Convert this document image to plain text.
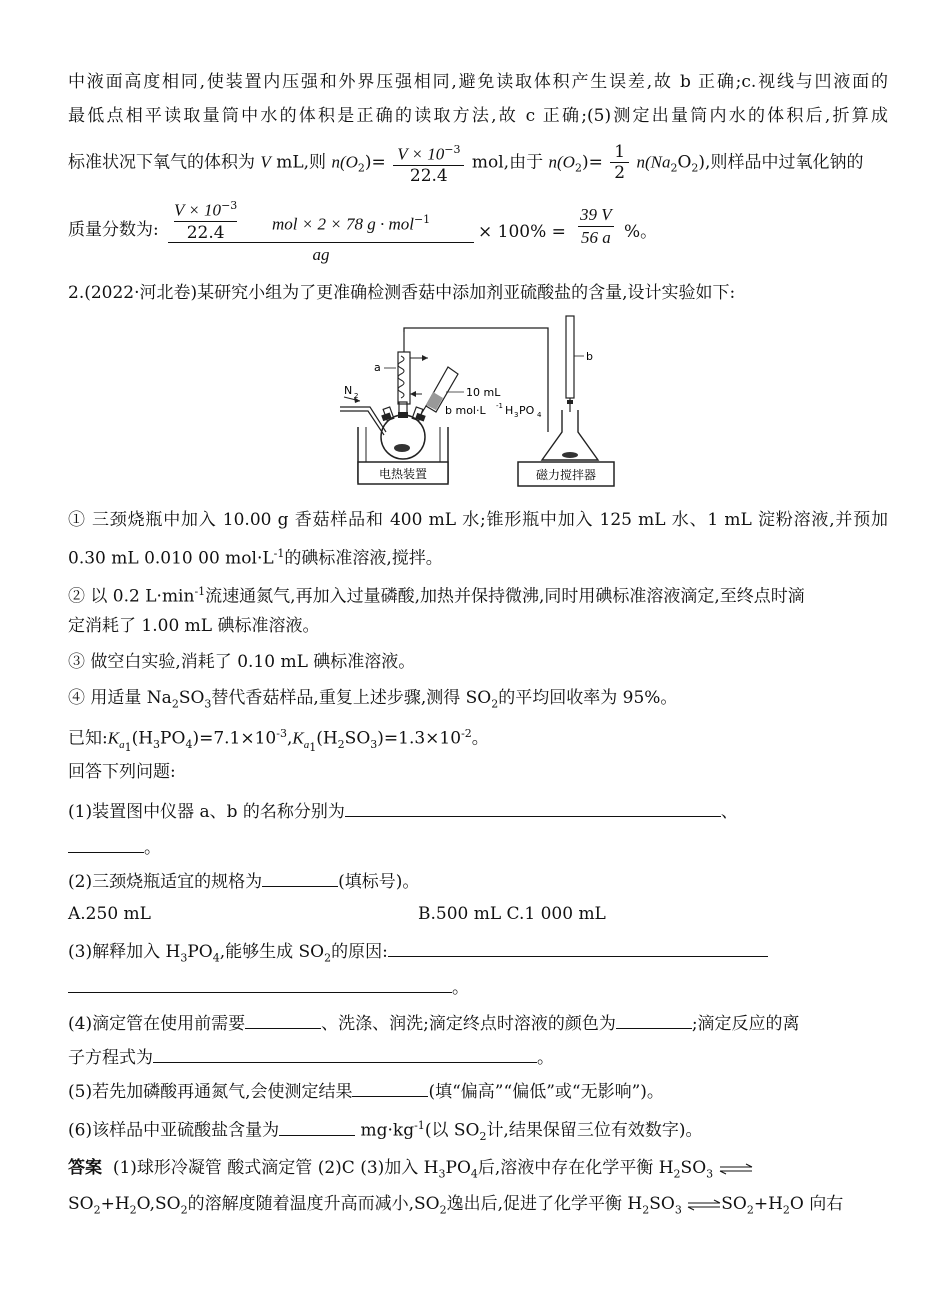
中液面高度相同,使装置内压强和外界压强相同,避免读取体积产生误差,故 b 正确;c.视线与凹液面的
最低点相平读取量筒中水的体积是正确的读取方法,故 c 正确;(5)测定出量筒内水的体积后,折算成
标准状况下氧气的体积为 V mL,则 $n(O_2)= \frac{V \times 10^{-3}}{22.4}$ mol,由于 $n(O_2)= \frac{1}{2} n(Na_2O_2)$,则样品中过氧化钠的
质量分数为:
$V \times 10^{-3}$
22.4	mol × 2 × 78 g · mol$^{-1}$
ag
× 100% =
39 V
56 a %。
2.(2022·河北卷)某研究小组为了更准确检测香菇中添加剂亚硫酸盐的含量,设计实验如下:
电热装置
N 2
a
10 mL
b mol·L -1 H 3 PO 4
b
磁力搅拌器
① 三颈烧瓶中加入 10.00 g 香菇样品和 400 mL 水;锥形瓶中加入 125 mL 水、1 mL 淀粉溶液,并预加
0.30 mL 0.010 00 $mol\cdot L^{-1}$的碘标准溶液,搅拌。
② 以 0.2 $L\cdot\min^{-1}$流速通氮气,再加入过量磷酸,加热并保持微沸,同时用碘标准溶液滴定,至终点时滴
定消耗了 1.00 mL 碘标准溶液。
③ 做空白实验,消耗了 0.10 mL 碘标准溶液。
④ 用适量 $Na_2SO_3$替代香菇样品,重复上述步骤,测得 $SO_2$的平均回收率为 95%。
已知$:K_{a_1}(H_3PO_4)=7.1\times 10^{-3},K_{a_1}(H_2SO_3)=1.3\times 10^{-2}$。
回答下列问题:
(1)装置图中仪器 a、b 的名称分别为	、
。
(2)三颈烧瓶适宜的规格为	(填标号)。
A.250 mL	B.500 mL C.1 000 mL
(3)解释加入 $H_3PO_4$,能够生成 $SO_2$的原因:
。
(4)滴定管在使用前需要	、洗涤、润洗;滴定终点时溶液的颜色为	;滴定反应的离
子方程式为	。
(5)若先加磷酸再通氮气,会使测定结果	(填“偏高”“偏低”或“无影响”)。
(6)该样品中亚硫酸盐含量为	$mg\cdot kg^{-1}$(以 $SO_2$计,结果保留三位有效数字)。
答案 (1)球形冷凝管 酸式滴定管 (2)C (3)加入 $H_3PO_4$后,溶液中存在化学平衡 $H_2SO_3$ ⇌
$SO_2+H_2O,SO_2$的溶解度随着温度升高而减小$,SO_2$逸出后,促进了化学平衡 $H_2SO_3$ $\rightleftharpoons SO_2+H_2O$ 向右
